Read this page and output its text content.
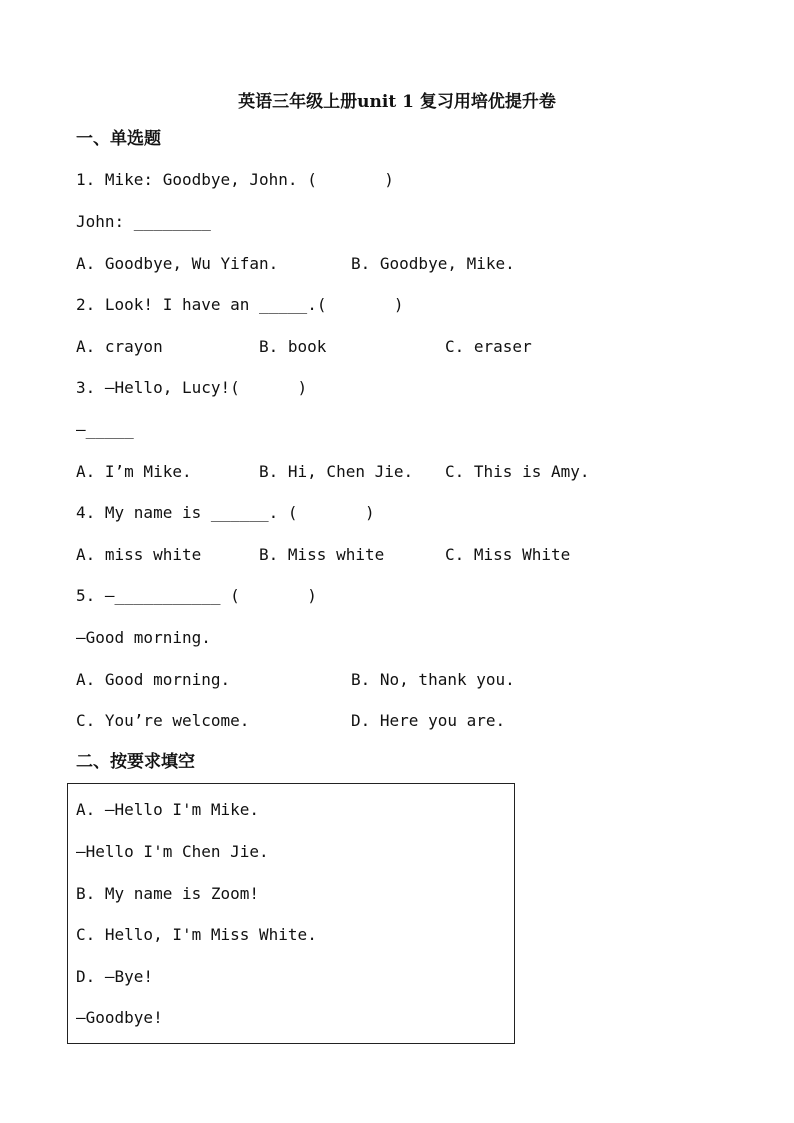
英语三年级上册unit 1 复习用培优提升卷
一、单选题
1. Mike: Goodbye, John. (       )
John: ________
A. Goodbye, Wu Yifan.	B. Goodbye, Mike.
2. Look! I have an _____.(       )
A. crayon	B. book	C. eraser
3. —Hello, Lucy!(      )
—_____
A. I’m Mike.	B. Hi, Chen Jie. C. This is Amy.
4. My name is ______. (       )
A. miss white	B. Miss white	C. Miss White
5. —___________ (       )
—Good morning.
A. Good morning.	B. No, thank you.
C. You’re welcome.	D. Here you are.
二、按要求填空
A. —Hello I'm Mike.
—Hello I'm Chen Jie.
B. My name is Zoom!
C. Hello, I'm Miss White.
D. —Bye!
—Goodbye!
